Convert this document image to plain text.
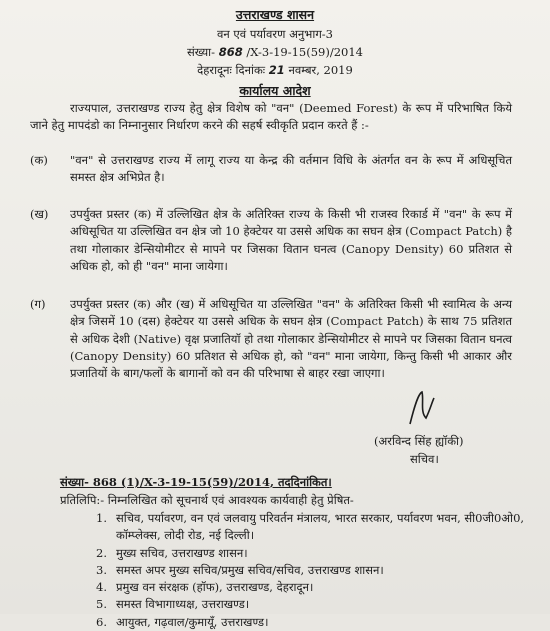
उत्तराखण्ड शासन
वन एवं पर्यावरण अनुभाग-3
संख्या- 868 /X-3-19-15(59)/2014
देहरादूनः दिनांकः 21 नवम्बर, 2019
कार्यालय आदेश
राज्यपाल, उत्तराखण्ड राज्य हेतु क्षेत्र विशेष को "वन" (Deemed Forest) के रूप में परिभाषित किये जाने हेतु मापदंडो का निम्नानुसार निर्धारण करने की सहर्ष स्वीकृति प्रदान करते हैं :-
(क)	"वन" से उत्तराखण्ड राज्य में लागू राज्य या केन्द्र की वर्तमान विधि के अंतर्गत वन के रूप में अधिसूचित समस्त क्षेत्र अभिप्रेत है।
(ख)	उपर्युक्त प्रस्तर (क) में उल्लिखित क्षेत्र के अतिरिक्त राज्य के किसी भी राजस्व रिकार्ड में "वन" के रूप में अधिसूचित या उल्लिखित वन क्षेत्र जो 10 हेक्टेयर या उससे अधिक का सघन क्षेत्र (Compact Patch) है तथा गोलाकार डेन्सियोमीटर से मापने पर जिसका वितान घनत्व (Canopy Density) 60 प्रतिशत से अधिक हो, को ही "वन" माना जायेगा।
(ग)	उपर्युक्त प्रस्तर (क) और (ख) में अधिसूचित या उल्लिखित "वन" के अतिरिक्त किसी भी स्वामित्व के अन्य क्षेत्र जिसमें 10 (दस) हेक्टेयर या उससे अधिक के सघन क्षेत्र (Compact Patch) के साथ 75 प्रतिशत से अधिक देशी (Native) वृक्ष प्रजातियॉ हो तथा गोलाकार डेन्सियोमीटर से मापने पर जिसका वितान घनत्व (Canopy Density) 60 प्रतिशत से अधिक हो, को "वन" माना जायेगा, किन्तु किसी भी आकार और प्रजातियों के बाग/फलों के बागानों को वन की परिभाषा से बाहर रखा जाएगा।
(अरविन्द सिंह ह्यॉकी)
सचिव।
संख्या- 868 (1)/X-3-19-15(59)/2014, तददिनांकित।
प्रतिलिपि:- निम्नलिखित को सूचनार्थ एवं आवश्यक कार्यवाही हेतु प्रेषित-
1. सचिव, पर्यावरण, वन एवं जलवायु परिवर्तन मंत्रालय, भारत सरकार, पर्यावरण भवन, सी0जी0ओ0, कॉम्प्लेक्स, लोदी रोड, नई दिल्ली।
2. मुख्य सचिव, उत्तराखण्ड शासन।
3. समस्त अपर मुख्य सचिव/प्रमुख सचिव/सचिव, उत्तराखण्ड शासन।
4. प्रमुख वन संरक्षक (हॉफ), उत्तराखण्ड, देहरादून।
5. समस्त विभागाध्यक्ष, उत्तराखण्ड।
6. आयुक्त, गढ़वाल/कुमायूँ, उत्तराखण्ड।
